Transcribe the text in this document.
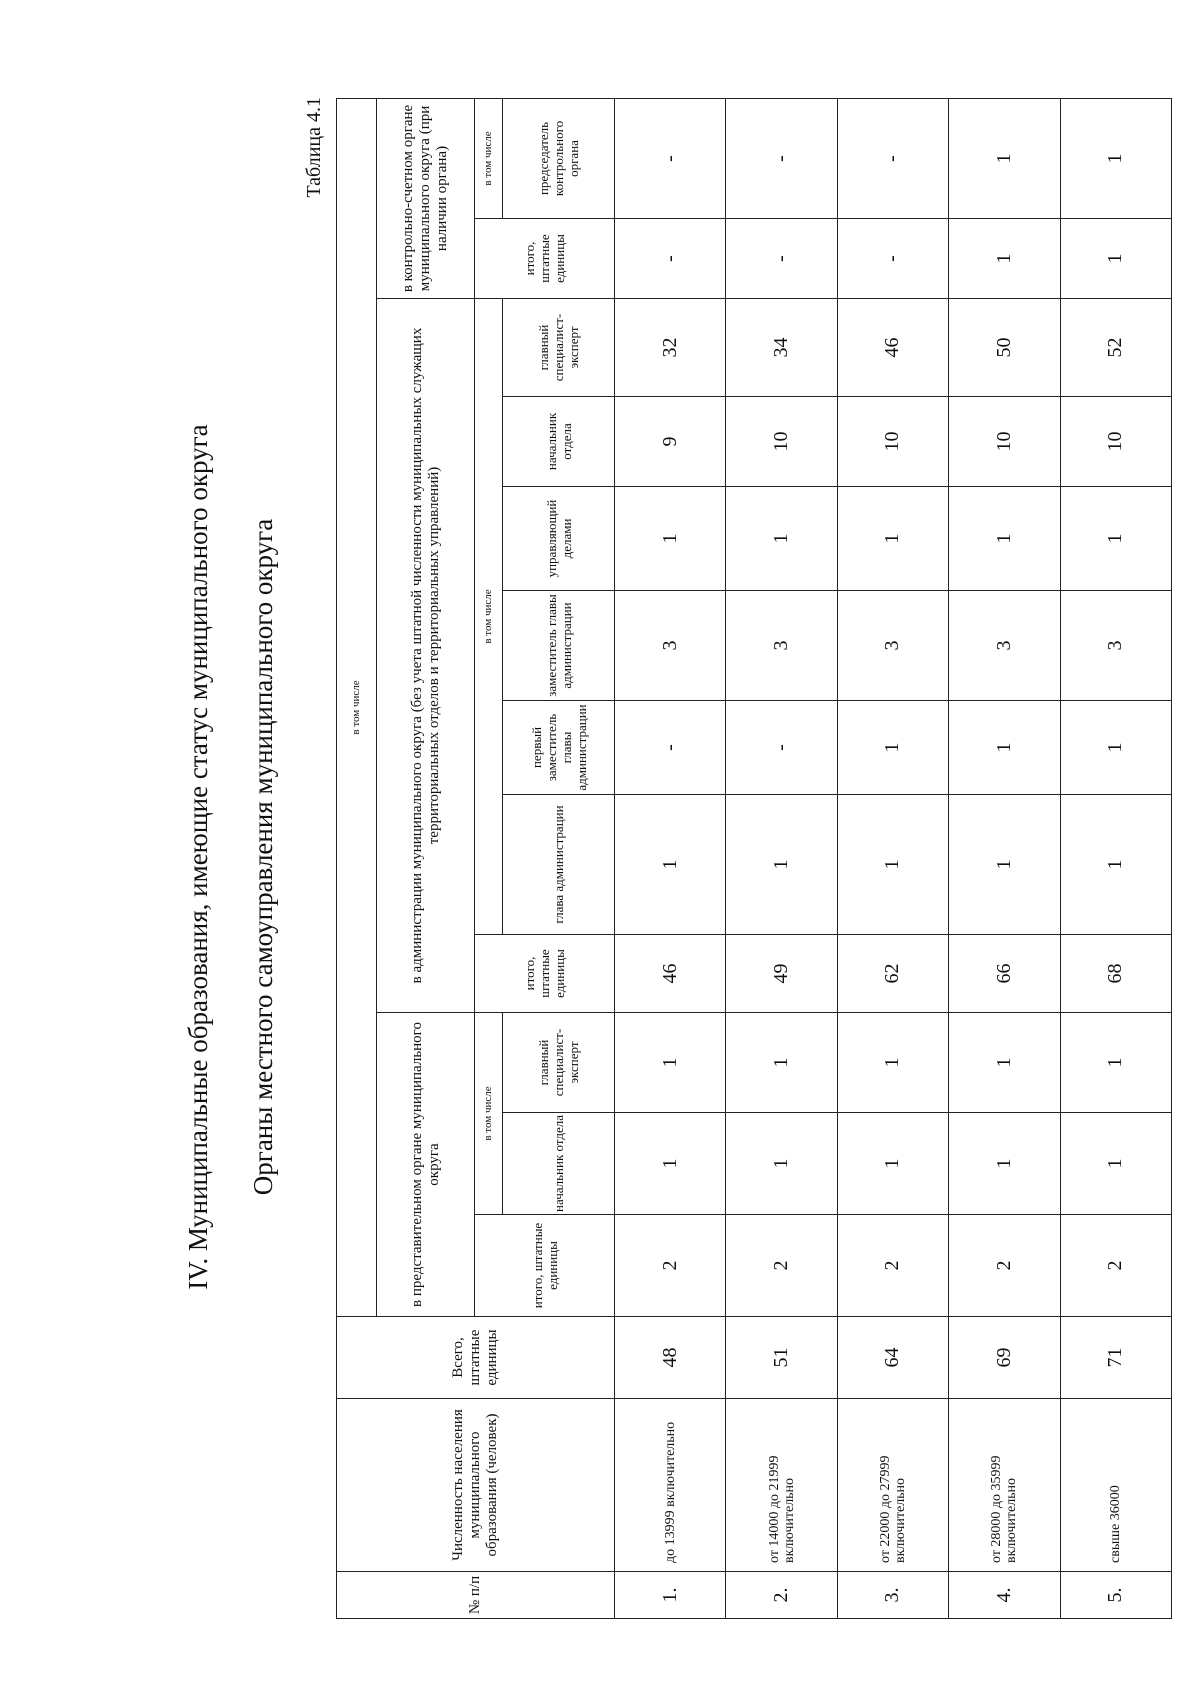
IV. Муниципальные образования, имеющие статус муниципального округа Органы местного самоуправления муниципального округа
Таблица 4.1
№ п/п	Численность населения муниципального образования (человек)	Всего, штатные единицы	в том числе											
			в представительном органе муниципального округа			в администрации муниципального округа (без учета штатной численности муниципальных служащих территориальных отделов и территориальных управлений)							в контрольно-счетном органе муниципального округа (при наличии органа)	
			итого, штатные единицы	в том числе		итого, штатные единицы	в том числе						итого, штатные единицы	в том числе
				начальник отдела	главный специалист-эксперт		глава администрации	первый заместитель главы администрации	заместитель главы администрации	управляющий делами	начальник отдела	главный специалист-эксперт		председатель контрольного органа
1.	до 13999 включительно	48	2	1	1	46	1	-	3	1	9	32	-	-
2.	от 14000 до 21999 включительно	51	2	1	1	49	1	-	3	1	10	34	-	-
3.	от 22000 до 27999 включительно	64	2	1	1	62	1	1	3	1	10	46	-	-
4.	от 28000 до 35999 включительно	69	2	1	1	66	1	1	3	1	10	50	1	1
5.	свыше 36000	71	2	1	1	68	1	1	3	1	10	52	1	1
